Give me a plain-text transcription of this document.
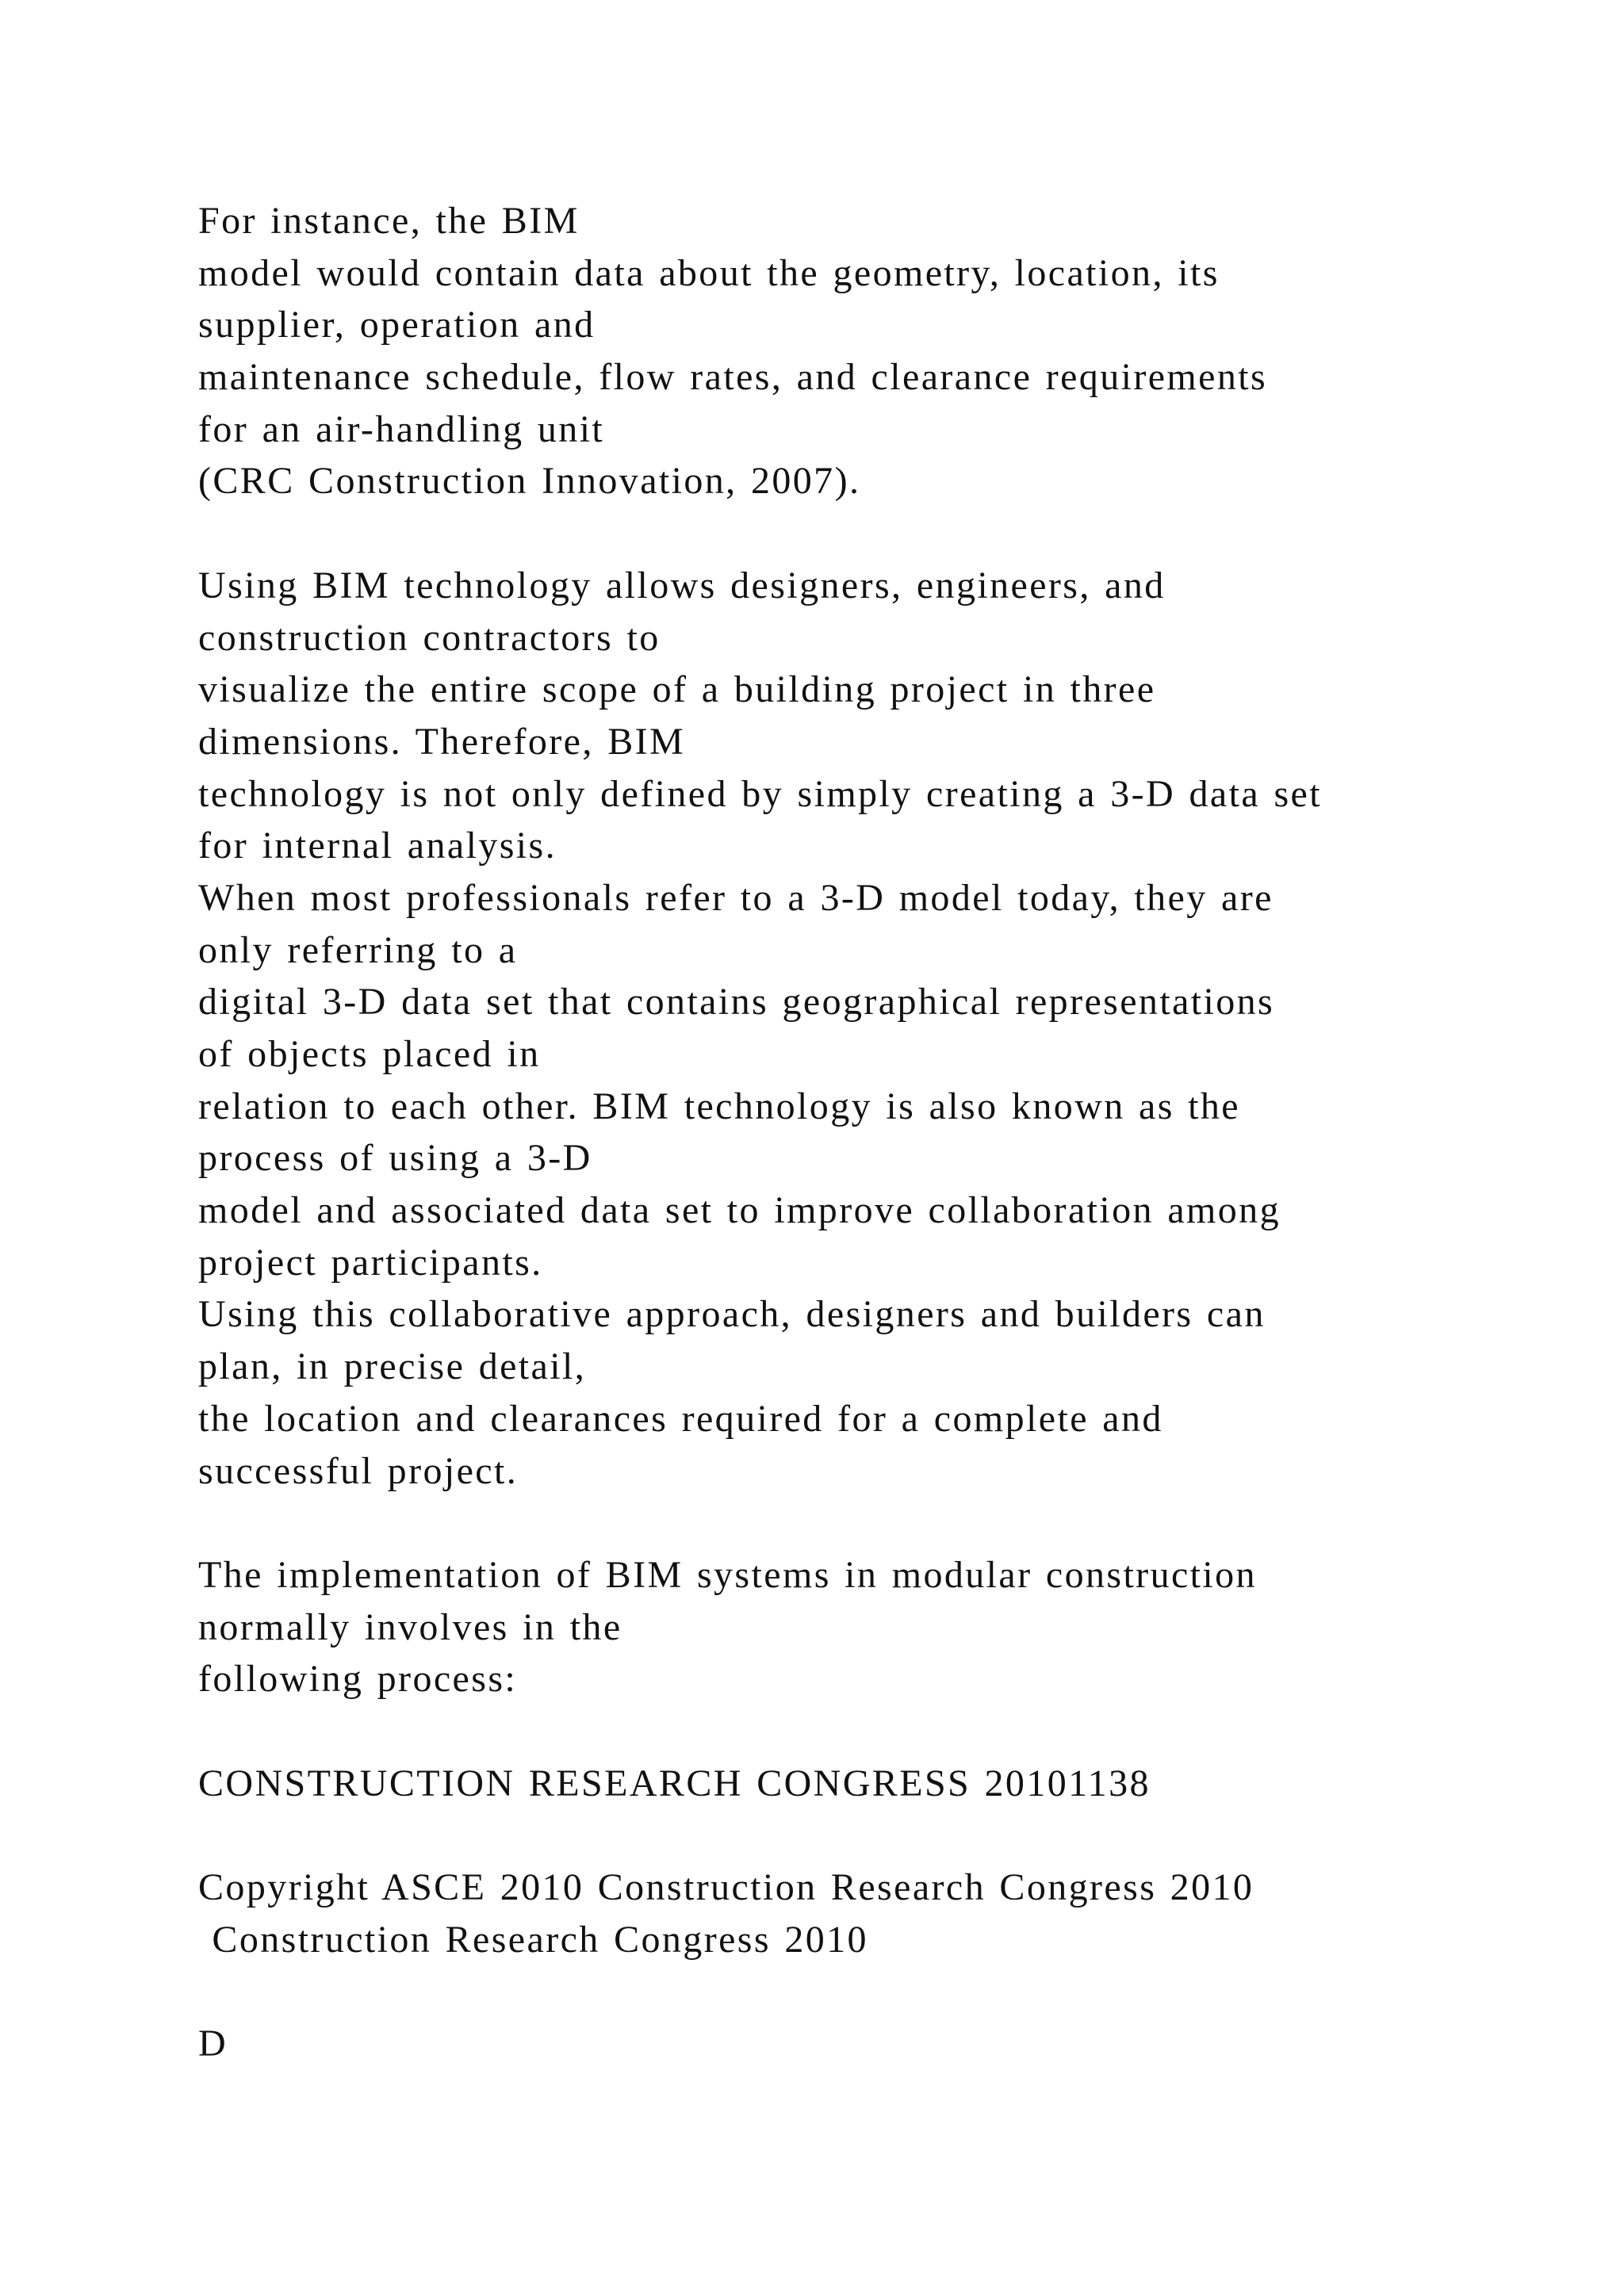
For instance, the BIM
model would contain data about the geometry, location, its
supplier, operation and
maintenance schedule, flow rates, and clearance requirements
for an air-handling unit
(CRC Construction Innovation, 2007).
Using BIM technology allows designers, engineers, and
construction contractors to
visualize the entire scope of a building project in three
dimensions. Therefore, BIM
technology is not only defined by simply creating a 3-D data set
for internal analysis.
When most professionals refer to a 3-D model today, they are
only referring to a
digital 3-D data set that contains geographical representations
of objects placed in
relation to each other. BIM technology is also known as the
process of using a 3-D
model and associated data set to improve collaboration among
project participants.
Using this collaborative approach, designers and builders can
plan, in precise detail,
the location and clearances required for a complete and
successful project.
The implementation of BIM systems in modular construction
normally involves in the
following process:
CONSTRUCTION RESEARCH CONGRESS 20101138
Copyright ASCE 2010 Construction Research Congress 2010
Construction Research Congress 2010
D
